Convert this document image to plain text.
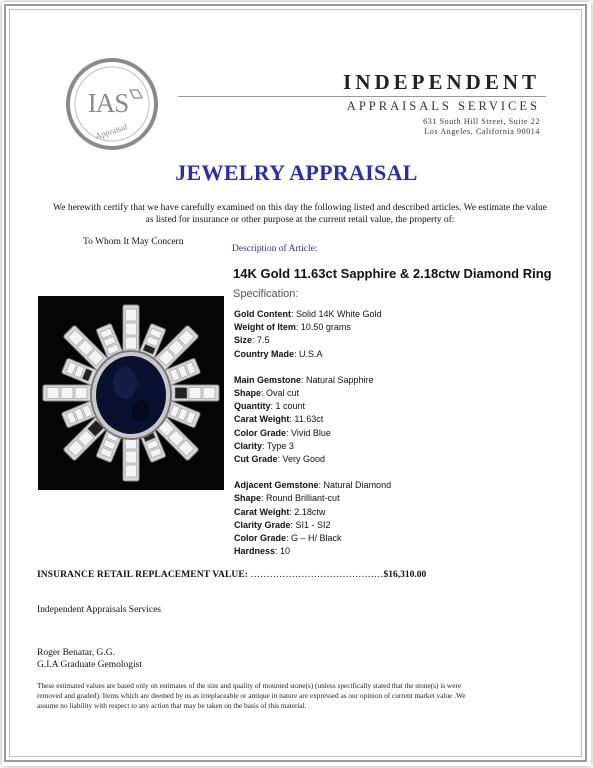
IAS
Appraisal
INDEPENDENT
APPRAISALS SERVICES
631 South Hill Street, Suite 22
Los Angeles, California 90014
JEWELRY APPRAISAL
We herewith certify that we have carefully examined on this day the following listed and described articles. We estimate the value as listed for insurance or other purpose at the current retail value, the property of:
To Whom It May Concern
Description of Article:
14K Gold 11.63ct Sapphire & 2.18ctw Diamond Ring
Specification:
Gold Content: Solid 14K White Gold
Weight of Item: 10.50 grams
Size: 7.5
Country Made: U.S.A
Main Gemstone: Natural Sapphire
Shape: Oval cut
Quantity: 1 count
Carat Weight: 11.63ct
Color Grade: Vivid Blue
Clarity: Type 3
Cut Grade: Very Good
Adjacent Gemstone: Natural Diamond
Shape: Round Brilliant-cut
Carat Weight: 2.18ctw
Clarity Grade: SI1 - SI2
Color Grade: G – H/ Black
Hardness: 10
INSURANCE RETAIL REPLACEMENT VALUE: ……………………………………$16,310.00
Independent Appraisals Services
Roger Benatar, G.G.
G.I.A Graduate Gemologist
These estimated values are based only on estimates of the size and quality of mounted stone(s) (unless specifically stated that the stone(s) is were removed and graded). Items which are deemed by us as irreplaceable or antique in nature are expressed as our opinion of current market value .We assume no liability with respect to any action that may be taken on the basis of this material.
